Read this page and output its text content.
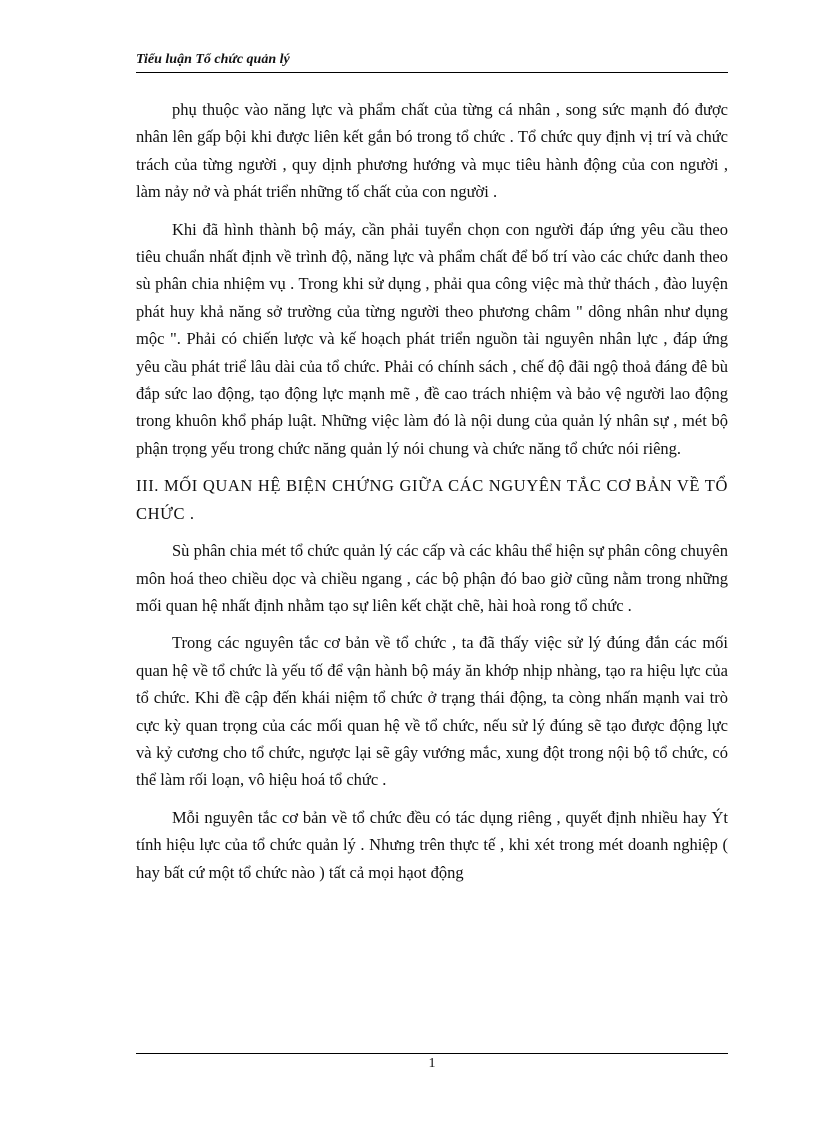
Tiểu luận Tổ chức quản lý

phụ thuộc vào năng lực và phẩm chất của từng cá nhân , song sức mạnh đó được nhân lên gấp bội khi được liên kết gắn bó trong tổ chức . Tổ chức quy định vị trí và chức trách của từng người , quy dịnh phương hướng và mục tiêu hành động của con người , làm nảy nở và phát triển những tố chất của con người .

Khi đã hình thành bộ máy, cần phải tuyển chọn con người đáp ứng yêu cầu theo tiêu chuẩn nhất định về trình độ, năng lực và phẩm chất để bố trí vào các chức danh theo sù phân chia nhiệm vụ . Trong khi sử dụng , phải qua công việc mà thử thách , đào luyện phát huy khả năng sở trường của từng người theo phương châm " dông nhân như dụng mộc ". Phải có chiến lược và kế hoạch phát triển nguồn tài nguyên nhân lực , đáp ứng yêu cầu phát triể lâu dài của tổ chức. Phải có chính sách , chế độ đãi ngộ thoả đáng đê bù đắp sức lao động, tạo động lực mạnh mẽ , đề cao trách nhiệm và bảo vệ người lao động trong khuôn khổ pháp luật. Những việc làm đó là nội dung của quản lý nhân sự , mét bộ phận trọng yếu trong chức năng quản lý nói chung và chức năng tổ chức nói riêng.

III. MỐI QUAN HỆ BIỆN CHỨNG GIỮA CÁC NGUYÊN TẮC CƠ BẢN VỀ TỔ CHỨC .

Sù phân chia mét tổ chức quản lý các cấp và các khâu thể hiện sự phân công chuyên môn hoá theo chiều dọc và chiều ngang , các bộ phận đó bao giờ cũng nằm trong những mối quan hệ nhất định nhằm tạo sự liên kết chặt chẽ, hài hoà rong tổ chức .

Trong các nguyên tắc cơ bản về tổ chức , ta đã thấy việc sử lý đúng đắn các mối quan hệ về tổ chức là yếu tố để vận hành bộ máy ăn khớp nhịp nhàng, tạo ra hiệu lực của tổ chức. Khi đề cập đến khái niệm tổ chức ở trạng thái động, ta còng nhấn mạnh vai trò cực kỳ quan trọng của các mối quan hệ về tổ chức, nếu sử lý đúng sẽ tạo được động lực và kỷ cương cho tổ chức, ngược lại sẽ gây vướng mắc, xung đột trong nội bộ tổ chức, có thể làm rối loạn, vô hiệu hoá tổ chức .

Mỗi nguyên tắc cơ bản về tổ chức đều có tác dụng riêng , quyết định nhiều hay Ýt tính hiệu lực của tổ chức quản lý . Nhưng trên thực tế , khi xét trong mét doanh nghiệp ( hay bất cứ một tổ chức nào ) tất cả mọi hạot động

1
